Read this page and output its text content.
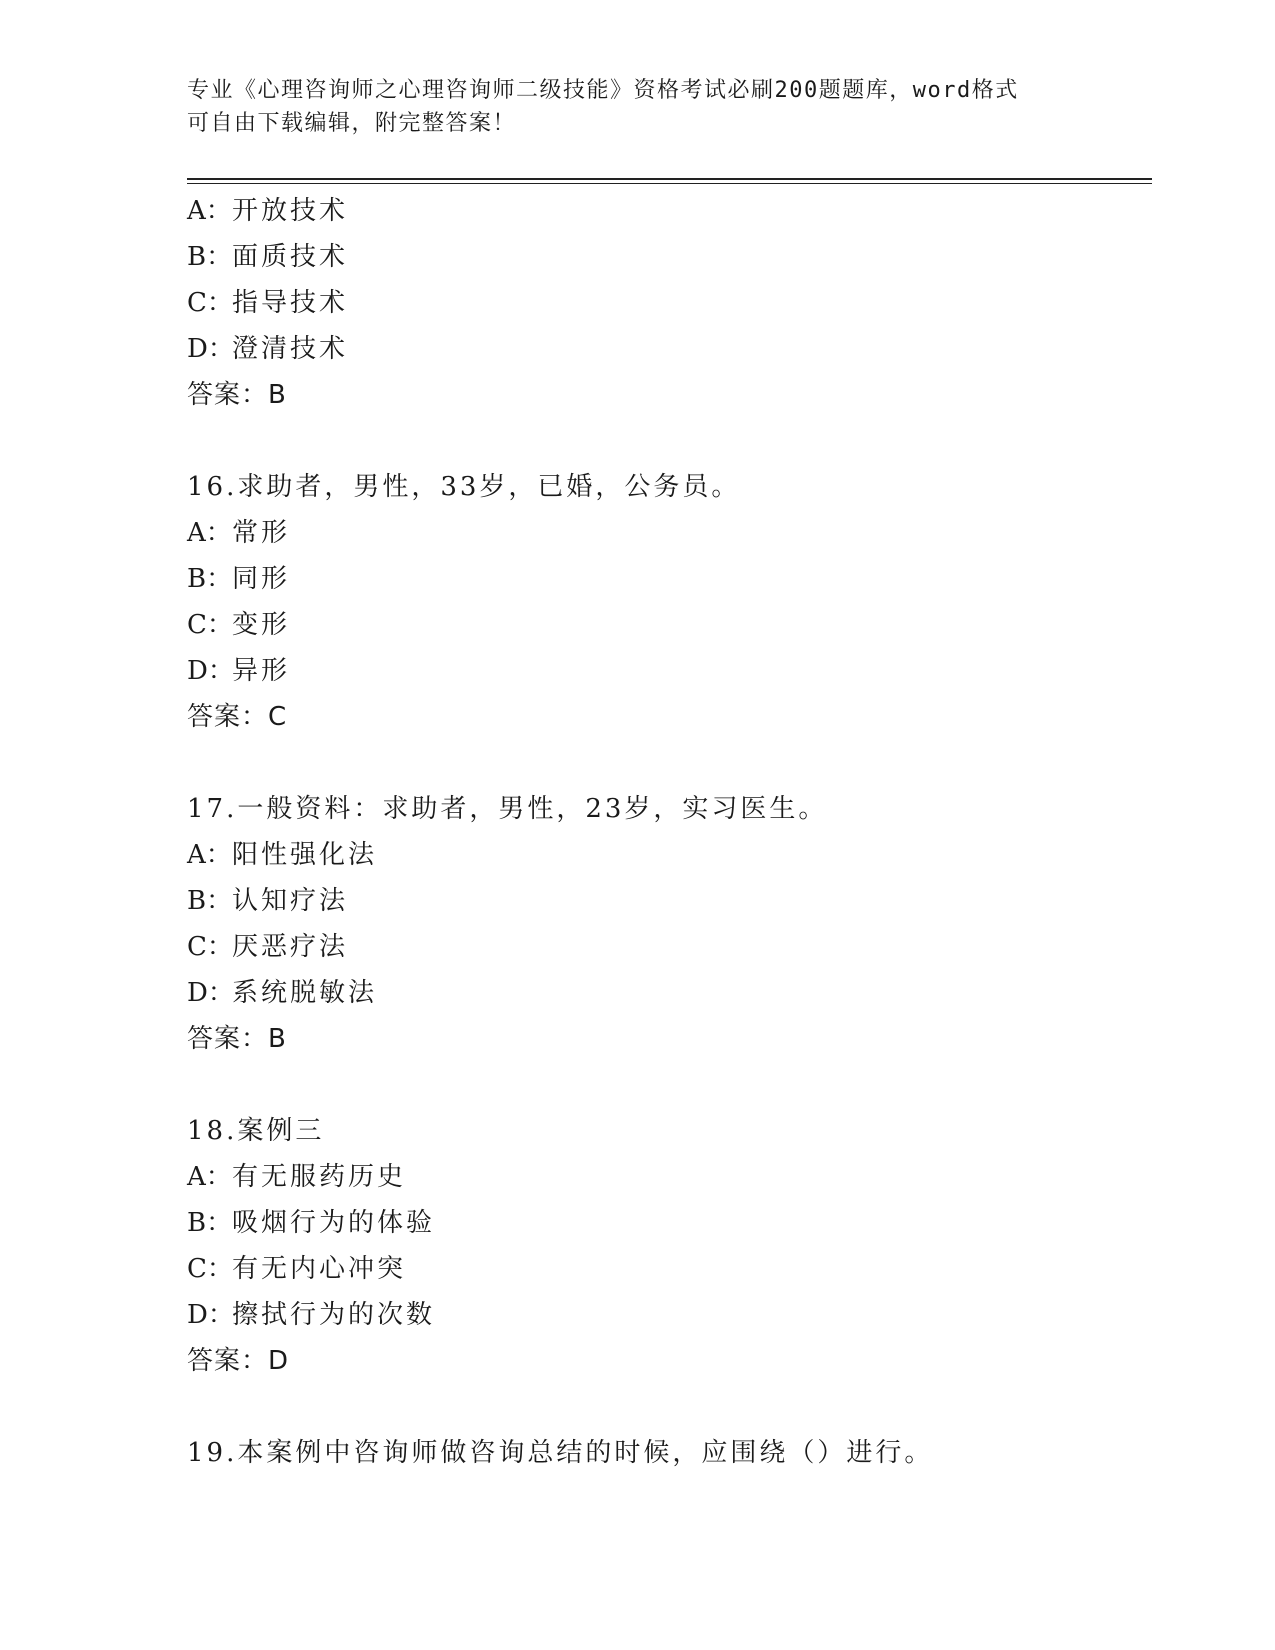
专业《心理咨询师之心理咨询师二级技能》资格考试必刷200题题库，word格式
可自由下载编辑，附完整答案！
A：开放技术
B：面质技术
C：指导技术
D：澄清技术
答案：B
16.求助者，男性，33岁，已婚，公务员。
A：常形
B：同形
C：变形
D：异形
答案：C
17.一般资料：求助者，男性，23岁，实习医生。
A：阳性强化法
B：认知疗法
C：厌恶疗法
D：系统脱敏法
答案：B
18.案例三
A：有无服药历史
B：吸烟行为的体验
C：有无内心冲突
D：擦拭行为的次数
答案：D
19.本案例中咨询师做咨询总结的时候，应围绕（）进行。
